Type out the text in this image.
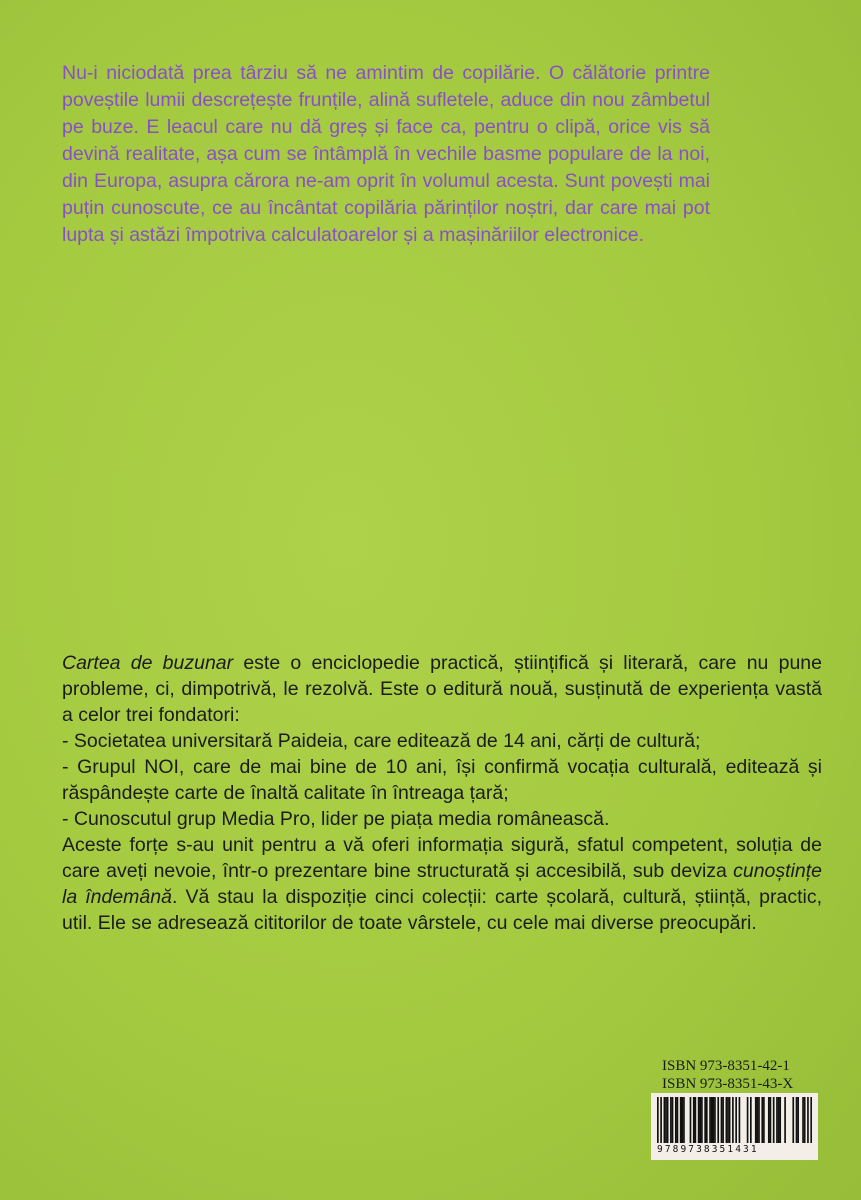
Nu-i niciodată prea târziu să ne amintim de copilărie. O călătorie printre poveștile lumii descrețește frunțile, alină sufletele, aduce din nou zâmbetul pe buze. E leacul care nu dă greș și face ca, pentru o clipă, orice vis să devină realitate, așa cum se întâmplă în vechile basme populare de la noi, din Europa, asupra cărora ne-am oprit în volumul acesta. Sunt povești mai puțin cunoscute, ce au încântat copilăria părinților noștri, dar care mai pot lupta și astăzi împotriva calculatoarelor și a mașinăriilor electronice.

Cartea de buzunar este o enciclopedie practică, științifică și literară, care nu pune probleme, ci, dimpotrivă, le rezolvă. Este o editură nouă, susținută de experiența vastă a celor trei fondatori:

- Societatea universitară Paideia, care editează de 14 ani, cărți de cultură;

- Grupul NOI, care de mai bine de 10 ani, își confirmă vocația culturală, editează și răspândește carte de înaltă calitate în întreaga țară;

- Cunoscutul grup Media Pro, lider pe piața media românească.

Aceste forțe s-au unit pentru a vă oferi informația sigură, sfatul competent, soluția de care aveți nevoie, într-o prezentare bine structurată și accesibilă, sub deviza cunoștințe la îndemână. Vă stau la dispoziție cinci colecții: carte școlară, cultură, știință, practic, util. Ele se adresează cititorilor de toate vârstele, cu cele mai diverse preocupări.

ISBN 973-8351-42-1
ISBN 973-8351-43-X
9789738351431
